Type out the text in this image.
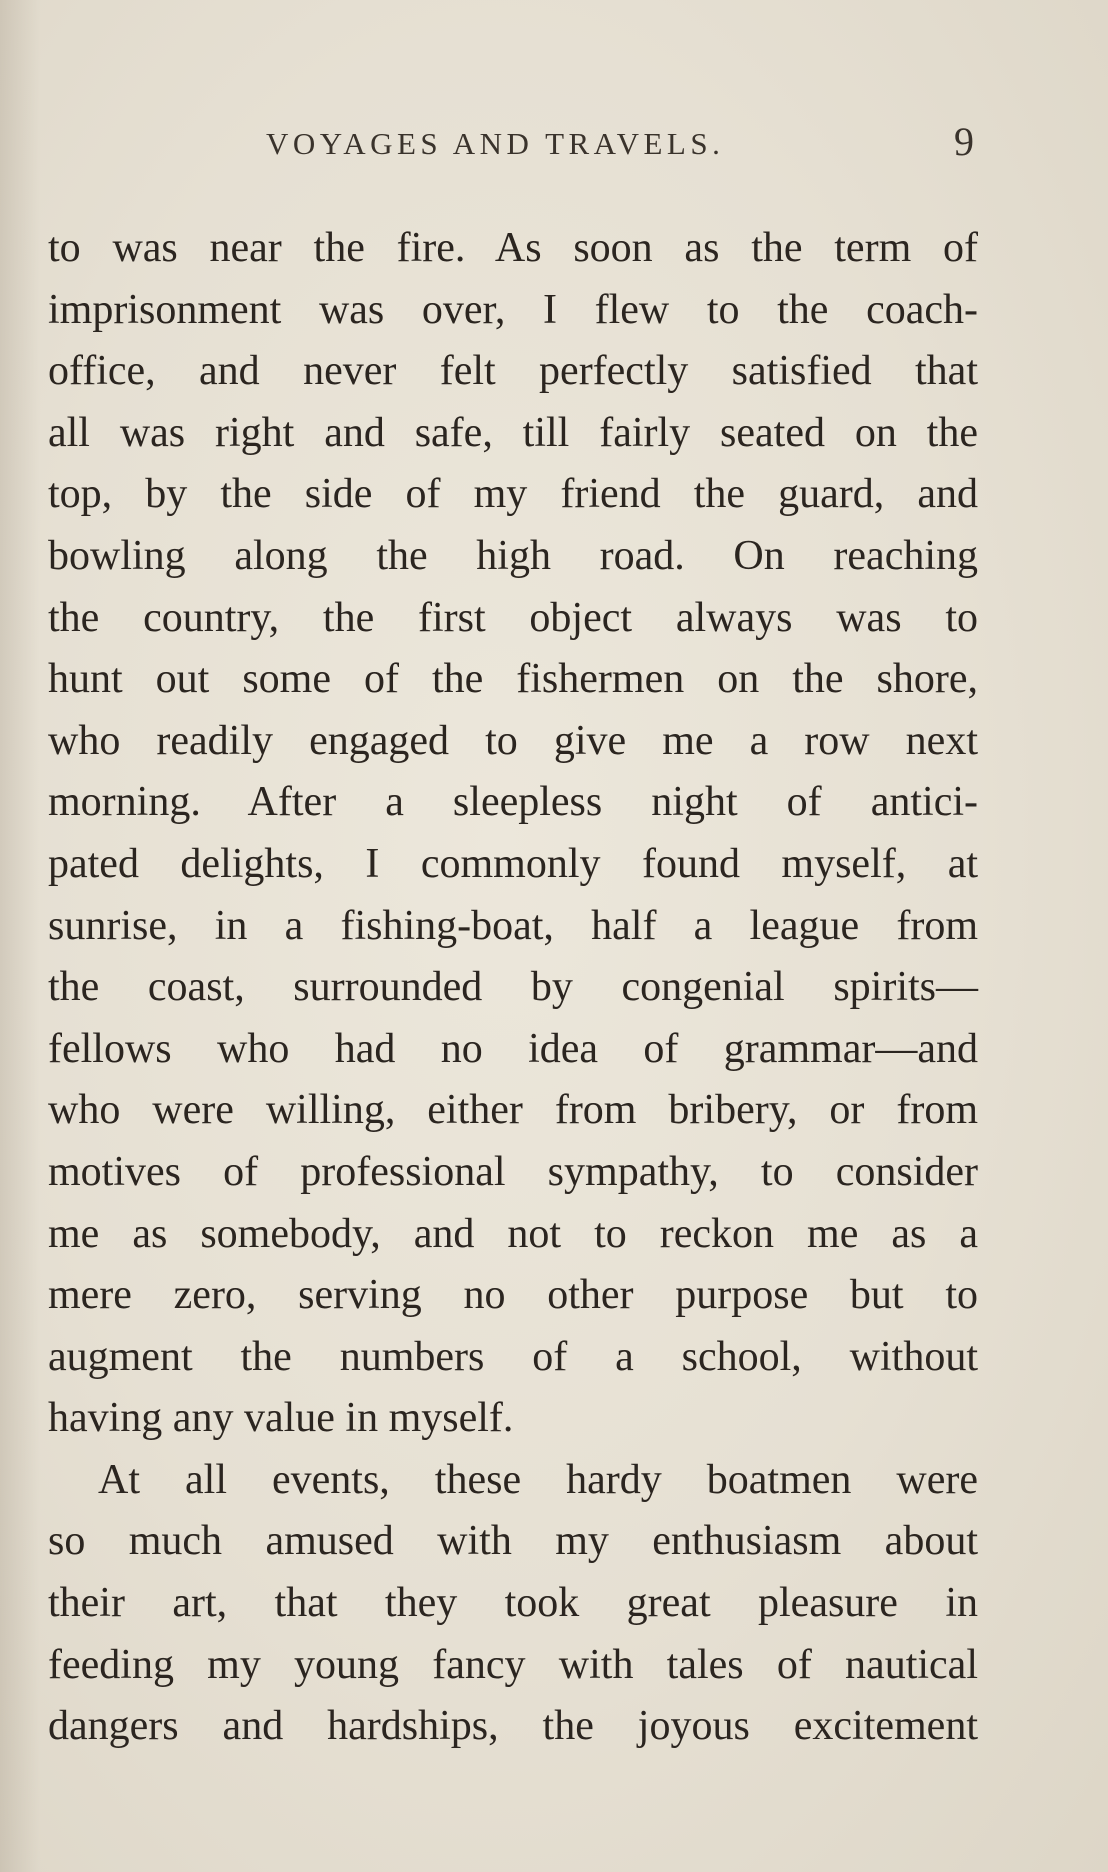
VOYAGES AND TRAVELS.	9
to was near the fire. As soon as the term of
imprisonment was over, I flew to the coach-
office, and never felt perfectly satisfied that
all was right and safe, till fairly seated on the
top, by the side of my friend the guard, and
bowling along the high road. On reaching
the country, the first object always was to
hunt out some of the fishermen on the shore,
who readily engaged to give me a row next
morning. After a sleepless night of antici-
pated delights, I commonly found myself, at
sunrise, in a fishing-boat, half a league from
the coast, surrounded by congenial spirits—
fellows who had no idea of grammar—and
who were willing, either from bribery, or from
motives of professional sympathy, to consider
me as somebody, and not to reckon me as a
mere zero, serving no other purpose but to
augment the numbers of a school, without
having any value in myself.
At all events, these hardy boatmen were
so much amused with my enthusiasm about
their art, that they took great pleasure in
feeding my young fancy with tales of nautical
dangers and hardships, the joyous excitement
